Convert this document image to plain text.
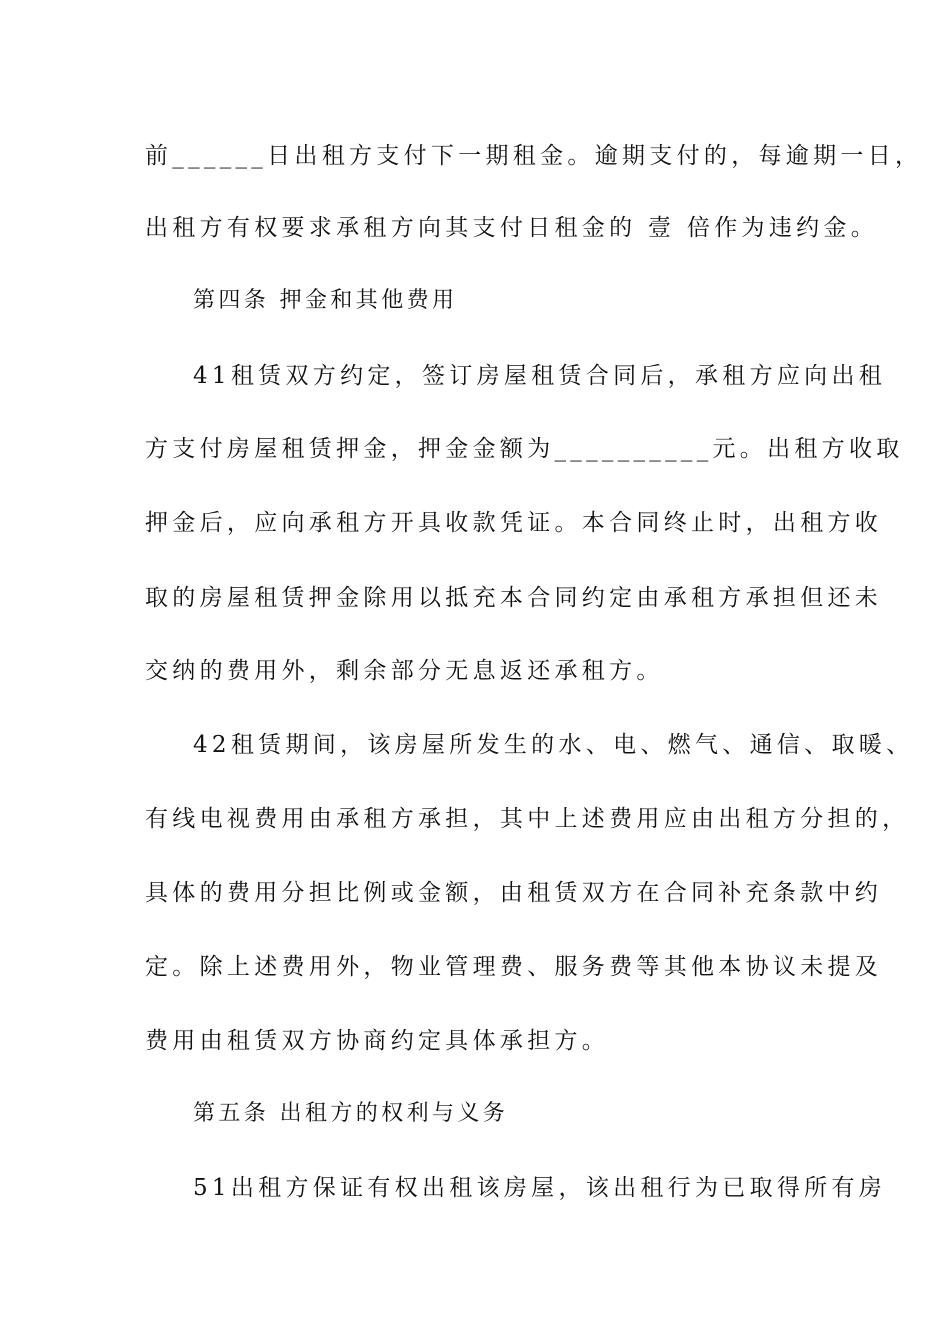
前______日出租方支付下一期租金。逾期支付的，每逾期一日，
出租方有权要求承租方向其支付日租金的 壹 倍作为违约金。
第四条 押金和其他费用
41租赁双方约定，签订房屋租赁合同后，承租方应向出租
方支付房屋租赁押金，押金金额为__________元。出租方收取
押金后，应向承租方开具收款凭证。本合同终止时，出租方收
取的房屋租赁押金除用以抵充本合同约定由承租方承担但还未
交纳的费用外，剩余部分无息返还承租方。
42租赁期间，该房屋所发生的水、电、燃气、通信、取暖、
有线电视费用由承租方承担，其中上述费用应由出租方分担的，
具体的费用分担比例或金额，由租赁双方在合同补充条款中约
定。除上述费用外，物业管理费、服务费等其他本协议未提及
费用由租赁双方协商约定具体承担方。
第五条 出租方的权利与义务
51出租方保证有权出租该房屋，该出租行为已取得所有房
